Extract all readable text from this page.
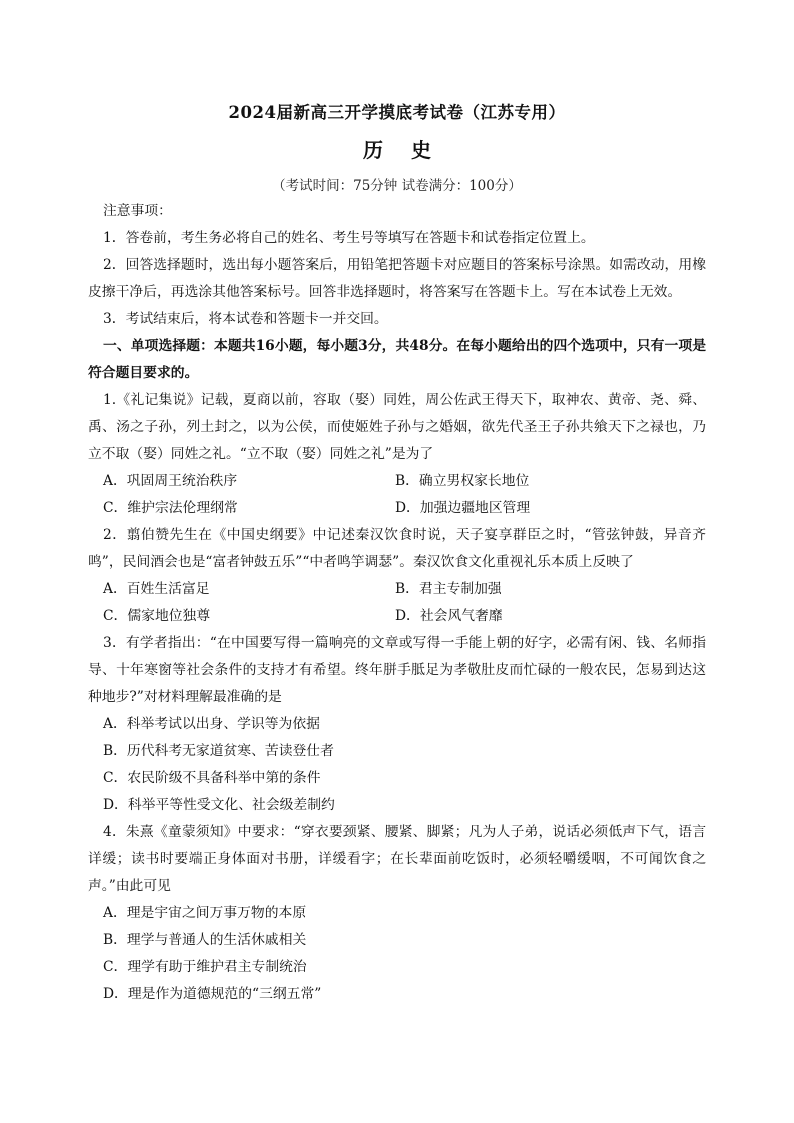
2024届新高三开学摸底考试卷（江苏专用）
历史
（考试时间：75分钟 试卷满分：100分）

注意事项：

1．答卷前，考生务必将自己的姓名、考生号等填写在答题卡和试卷指定位置上。

2．回答选择题时，选出每小题答案后，用铅笔把答题卡对应题目的答案标号涂黑。如需改动，用橡皮擦干净后，再选涂其他答案标号。回答非选择题时，将答案写在答题卡上。写在本试卷上无效。

3．考试结束后，将本试卷和答题卡一并交回。

一、单项选择题：本题共16小题，每小题3分，共48分。在每小题给出的四个选项中，只有一项是符合题目要求的。

1.《礼记集说》记载，夏商以前，容取（娶）同姓，周公佐武王得天下，取神农、黄帝、尧、舜、禹、汤之子孙，列土封之，以为公侯，而使姬姓子孙与之婚姻，欲先代圣王子孙共飨天下之禄也，乃立不取（娶）同姓之礼。“立不取（娶）同姓之礼”是为了

A．巩固周王统治秩序	B．确立男权家长地位
C．维护宗法伦理纲常	D．加强边疆地区管理

2．翦伯赞先生在《中国史纲要》中记述秦汉饮食时说，天子宴享群臣之时，“管弦钟鼓，异音齐鸣”，民间酒会也是“富者钟鼓五乐”“中者鸣竽调瑟”。秦汉饮食文化重视礼乐本质上反映了

A．百姓生活富足	B．君主专制加强
C．儒家地位独尊	D．社会风气奢靡

3．有学者指出：“在中国要写得一篇响亮的文章或写得一手能上朝的好字，必需有闲、钱、名师指导、十年寒窗等社会条件的支持才有希望。终年胼手胝足为孝敬肚皮而忙碌的一般农民，怎易到达这种地步?”对材料理解最准确的是

A．科举考试以出身、学识等为依据

B．历代科考无家道贫寒、苦读登仕者

C．农民阶级不具备科举中第的条件

D．科举平等性受文化、社会级差制约

4．朱熹《童蒙须知》中要求：“穿衣要颈紧、腰紧、脚紧；凡为人子弟，说话必须低声下气，语言详缓；读书时要端正身体面对书册，详缓看字；在长辈面前吃饭时，必须轻嚼缓咽，不可闻饮食之声。”由此可见

A．理是宇宙之间万事万物的本原

B．理学与普通人的生活休戚相关

C．理学有助于维护君主专制统治

D．理是作为道德规范的“三纲五常”
